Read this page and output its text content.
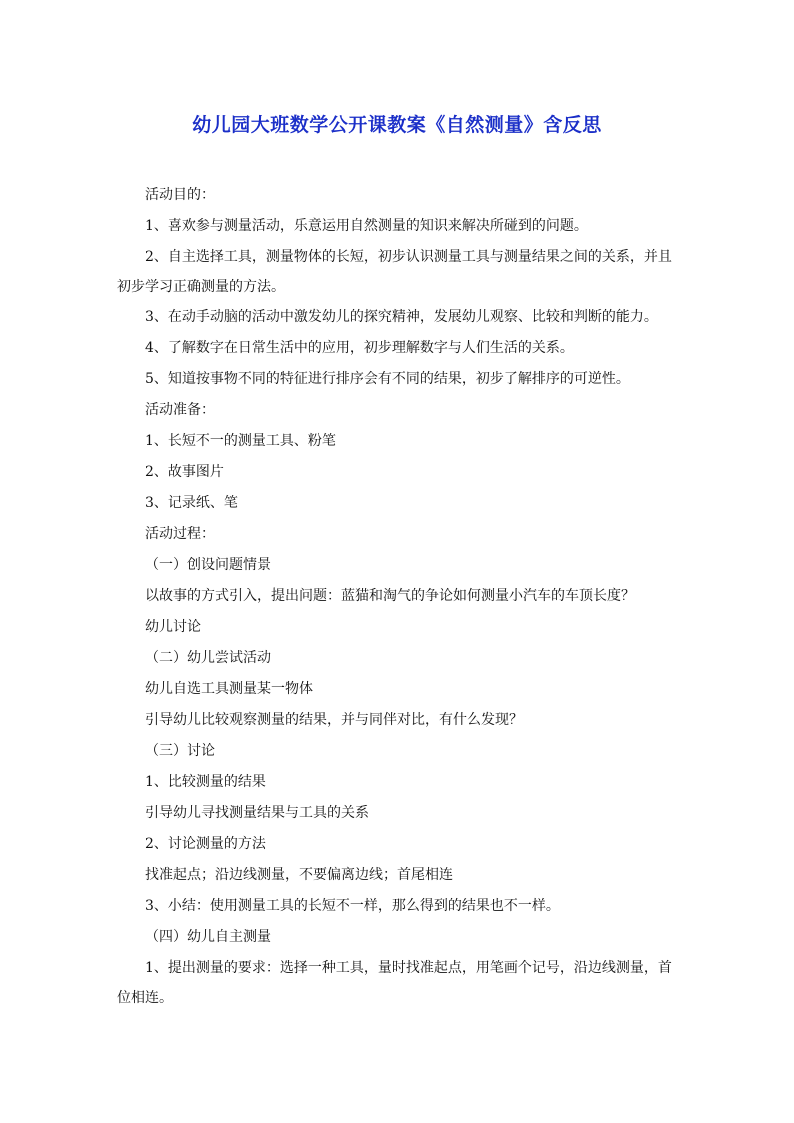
幼儿园大班数学公开课教案《自然测量》含反思

活动目的：

1、喜欢参与测量活动，乐意运用自然测量的知识来解决所碰到的问题。

2、自主选择工具，测量物体的长短，初步认识测量工具与测量结果之间的关系，并且初步学习正确测量的方法。

3、在动手动脑的活动中激发幼儿的探究精神，发展幼儿观察、比较和判断的能力。

4、了解数字在日常生活中的应用，初步理解数字与人们生活的关系。

5、知道按事物不同的特征进行排序会有不同的结果，初步了解排序的可逆性。

活动准备：

1、长短不一的测量工具、粉笔

2、故事图片

3、记录纸、笔

活动过程：

（一）创设问题情景

以故事的方式引入，提出问题：蓝猫和淘气的争论如何测量小汽车的车顶长度？

幼儿讨论

（二）幼儿尝试活动

幼儿自选工具测量某一物体

引导幼儿比较观察测量的结果，并与同伴对比，有什么发现？

（三）讨论

1、比较测量的结果

引导幼儿寻找测量结果与工具的关系

2、讨论测量的方法

找准起点；沿边线测量，不要偏离边线；首尾相连

3、小结：使用测量工具的长短不一样，那么得到的结果也不一样。

（四）幼儿自主测量

1、提出测量的要求：选择一种工具，量时找准起点，用笔画个记号，沿边线测量，首位相连。
